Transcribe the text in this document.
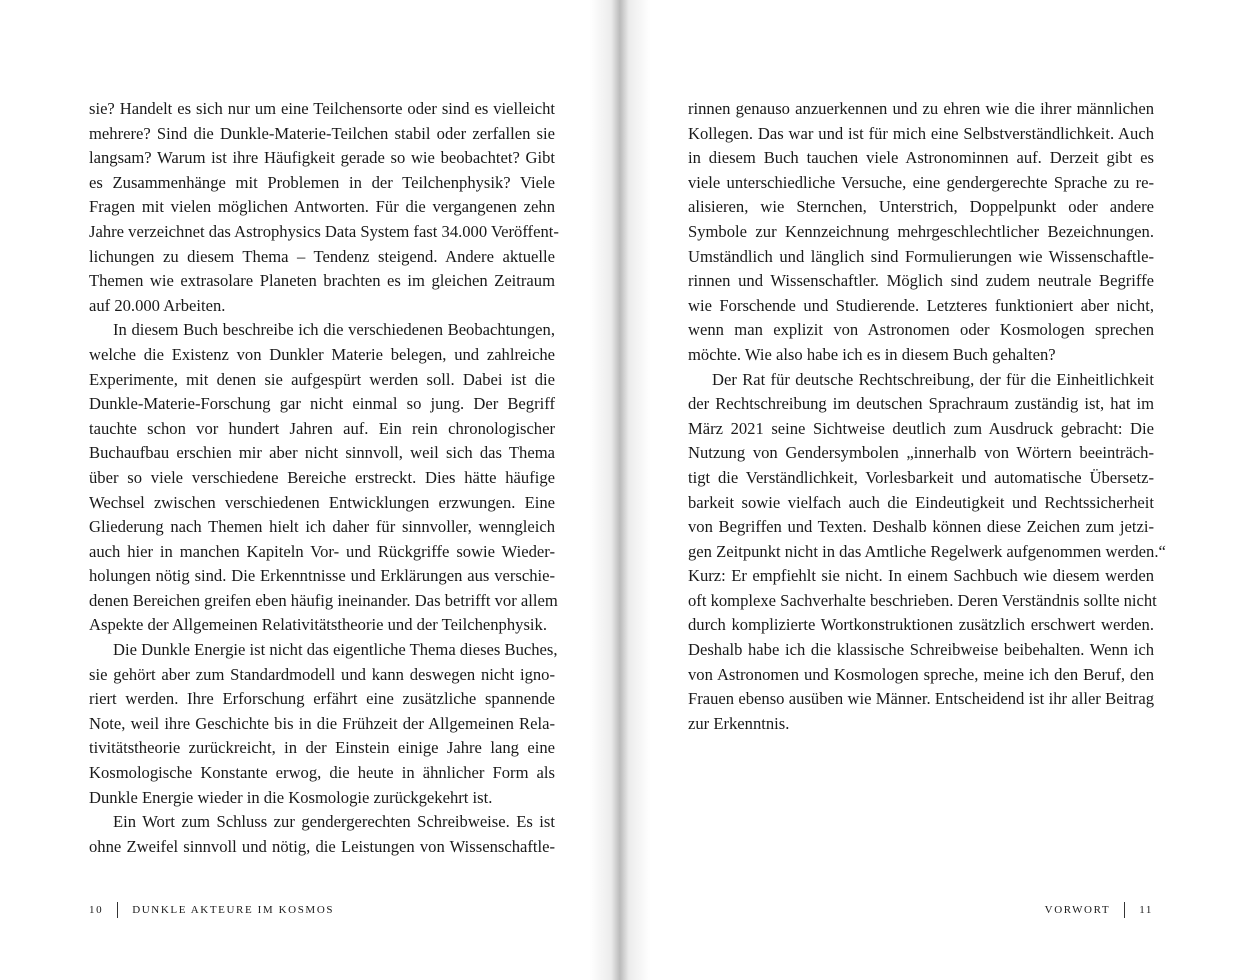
sie? Handelt es sich nur um eine Teilchensorte oder sind es vielleicht
mehrere? Sind die Dunkle-Materie-Teilchen stabil oder zerfallen sie
langsam? Warum ist ihre Häufigkeit gerade so wie beobachtet? Gibt
es Zusammenhänge mit Problemen in der Teilchenphysik? Viele
Fragen mit vielen möglichen Antworten. Für die vergangenen zehn
Jahre verzeichnet das Astrophysics Data System fast 34.000 Veröffent-
lichungen zu diesem Thema – Tendenz steigend. Andere aktuelle
Themen wie extrasolare Planeten brachten es im gleichen Zeitraum
auf 20.000 Arbeiten.
In diesem Buch beschreibe ich die verschiedenen Beobachtungen,
welche die Existenz von Dunkler Materie belegen, und zahlreiche
Experimente, mit denen sie aufgespürt werden soll. Dabei ist die
Dunkle-Materie-Forschung gar nicht einmal so jung. Der Begriff
tauchte schon vor hundert Jahren auf. Ein rein chronologischer
Buchaufbau erschien mir aber nicht sinnvoll, weil sich das Thema
über so viele verschiedene Bereiche erstreckt. Dies hätte häufige
Wechsel zwischen verschiedenen Entwicklungen erzwungen. Eine
Gliederung nach Themen hielt ich daher für sinnvoller, wenngleich
auch hier in manchen Kapiteln Vor- und Rückgriffe sowie Wieder-
holungen nötig sind. Die Erkenntnisse und Erklärungen aus verschie-
denen Bereichen greifen eben häufig ineinander. Das betrifft vor allem
Aspekte der Allgemeinen Relativitätstheorie und der Teilchenphysik.
Die Dunkle Energie ist nicht das eigentliche Thema dieses Buches,
sie gehört aber zum Standardmodell und kann deswegen nicht igno-
riert werden. Ihre Erforschung erfährt eine zusätzliche spannende
Note, weil ihre Geschichte bis in die Frühzeit der Allgemeinen Rela-
tivitätstheorie zurückreicht, in der Einstein einige Jahre lang eine
Kosmologische Konstante erwog, die heute in ähnlicher Form als
Dunkle Energie wieder in die Kosmologie zurückgekehrt ist.
Ein Wort zum Schluss zur gendergerechten Schreibweise. Es ist
ohne Zweifel sinnvoll und nötig, die Leistungen von Wissenschaftle-
10	DUNKLE AKTEURE IM KOSMOS
rinnen genauso anzuerkennen und zu ehren wie die ihrer männlichen
Kollegen. Das war und ist für mich eine Selbstverständlichkeit. Auch
in diesem Buch tauchen viele Astronominnen auf. Derzeit gibt es
viele unterschiedliche Versuche, eine gendergerechte Sprache zu re-
alisieren, wie Sternchen, Unterstrich, Doppelpunkt oder andere
Symbole zur Kennzeichnung mehrgeschlechtlicher Bezeichnungen.
Umständlich und länglich sind Formulierungen wie Wissenschaftle-
rinnen und Wissenschaftler. Möglich sind zudem neutrale Begriffe
wie Forschende und Studierende. Letzteres funktioniert aber nicht,
wenn man explizit von Astronomen oder Kosmologen sprechen
möchte. Wie also habe ich es in diesem Buch gehalten?
Der Rat für deutsche Rechtschreibung, der für die Einheitlichkeit
der Rechtschreibung im deutschen Sprachraum zuständig ist, hat im
März 2021 seine Sichtweise deutlich zum Ausdruck gebracht: Die
Nutzung von Gendersymbolen „innerhalb von Wörtern beeinträch-
tigt die Verständlichkeit, Vorlesbarkeit und automatische Übersetz-
barkeit sowie vielfach auch die Eindeutigkeit und Rechtssicherheit
von Begriffen und Texten. Deshalb können diese Zeichen zum jetzi-
gen Zeitpunkt nicht in das Amtliche Regelwerk aufgenommen werden.“
Kurz: Er empfiehlt sie nicht. In einem Sachbuch wie diesem werden
oft komplexe Sachverhalte beschrieben. Deren Verständnis sollte nicht
durch komplizierte Wortkonstruktionen zusätzlich erschwert werden.
Deshalb habe ich die klassische Schreibweise beibehalten. Wenn ich
von Astronomen und Kosmologen spreche, meine ich den Beruf, den
Frauen ebenso ausüben wie Männer. Entscheidend ist ihr aller Beitrag
zur Erkenntnis.
VORWORT	11
